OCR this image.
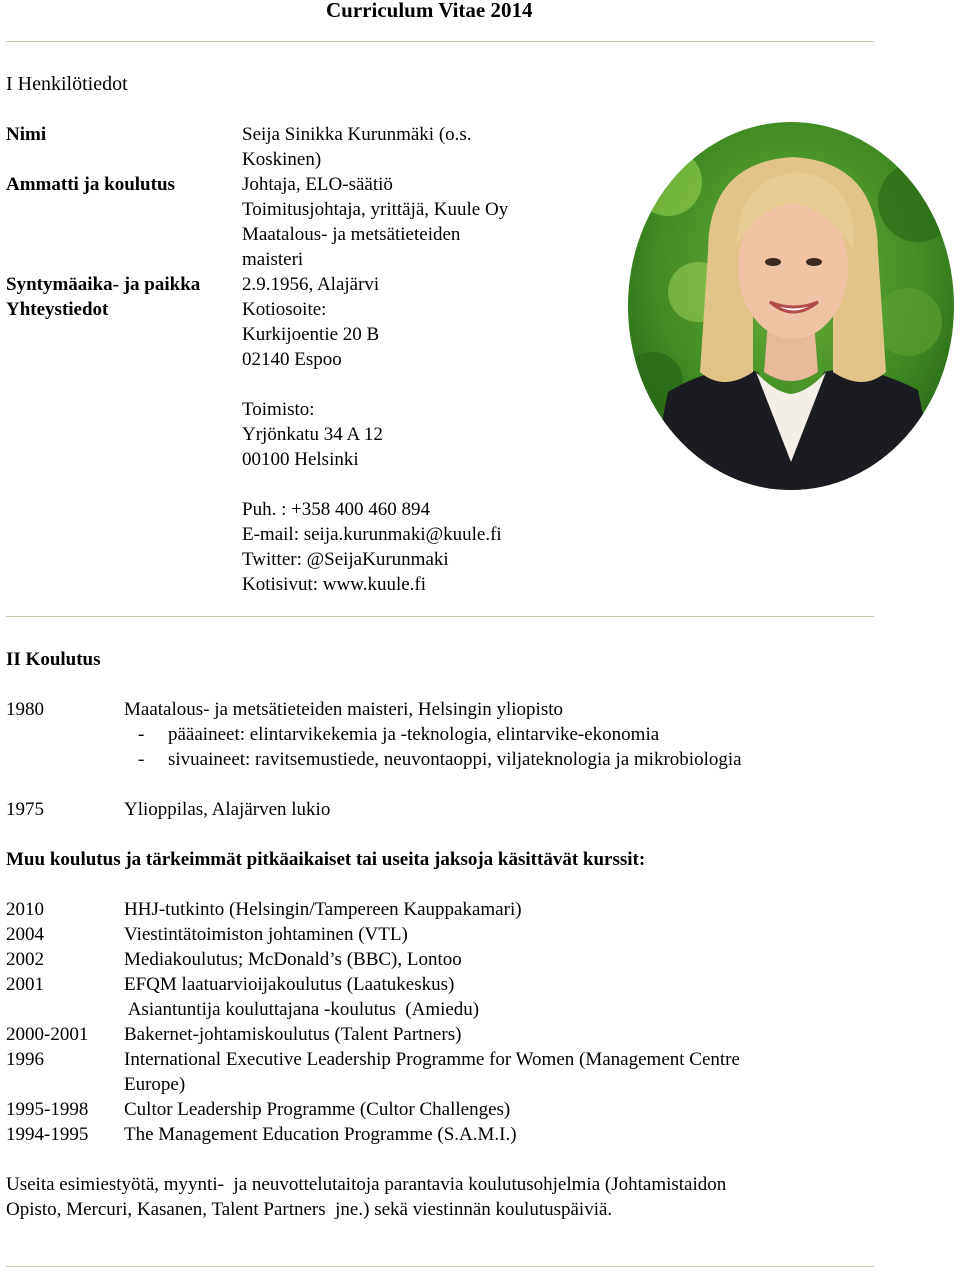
Curriculum Vitae 2014
I Henkilötiedot
Nimi	Seija Sinikka Kurunmäki (o.s.
Koskinen)
Ammatti ja koulutus	Johtaja, ELO-säätiö
Toimitusjohtaja, yrittäjä, Kuule Oy
Maatalous- ja metsätieteiden
maisteri
Syntymäaika- ja paikka 2.9.1956, Alajärvi
Yhteystiedot	Kotiosoite:
Kurkijoentie 20 B
02140 Espoo
Toimisto:
Yrjönkatu 34 A 12
00100 Helsinki
Puh. : +358 400 460 894
E-mail: seija.kurunmaki@kuule.fi
Twitter: @SeijaKurunmaki
Kotisivut: www.kuule.fi
II Koulutus
1980	Maatalous- ja metsätieteiden maisteri, Helsingin yliopisto
- pääaineet: elintarvikekemia ja -teknologia, elintarvike-ekonomia
- sivuaineet: ravitsemustiede, neuvontaoppi, viljateknologia ja mikrobiologia
1975	Ylioppilas, Alajärven lukio
Muu koulutus ja tärkeimmät pitkäaikaiset tai useita jaksoja käsittävät kurssit:
2010	HHJ-tutkinto (Helsingin/Tampereen Kauppakamari)
2004	Viestintätoimiston johtaminen (VTL)
2002	Mediakoulutus; McDonald’s (BBC), Lontoo
2001	EFQM laatuarvioijakoulutus (Laatukeskus)
Asiantuntija kouluttajana -koulutus  (Amiedu)
2000-2001 Bakernet-johtamiskoulutus (Talent Partners)
1996	International Executive Leadership Programme for Women (Management Centre
Europe)
1995-1998 Cultor Leadership Programme (Cultor Challenges)
1994-1995 The Management Education Programme (S.A.M.I.)
Useita esimiestyötä, myynti-  ja neuvottelutaitoja parantavia koulutusohjelmia (Johtamistaidon
Opisto, Mercuri, Kasanen, Talent Partners  jne.) sekä viestinnän koulutuspäiviä.
